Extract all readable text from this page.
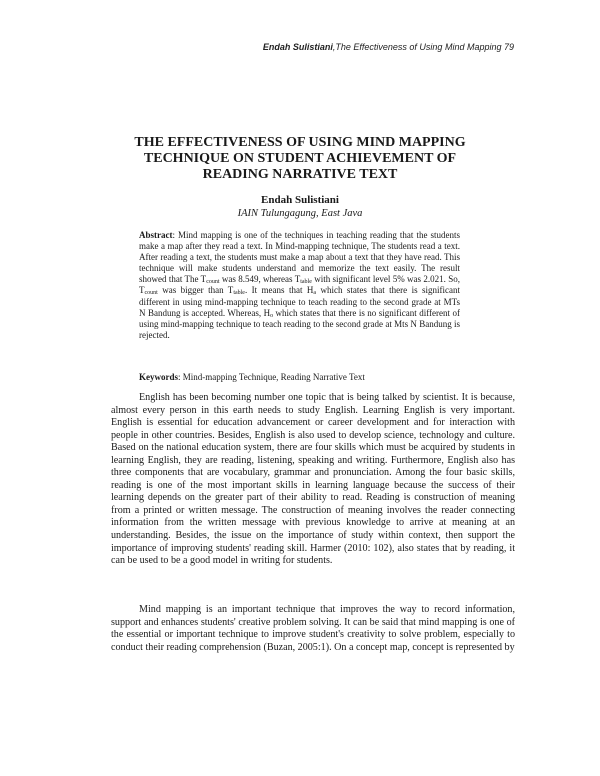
Endah Sulistiani,The Effectiveness of Using Mind Mapping 79
THE EFFECTIVENESS OF USING MIND MAPPING
TECHNIQUE ON STUDENT ACHIEVEMENT OF
READING NARRATIVE TEXT

Endah Sulistiani

IAIN Tulungagung, East Java

Abstract: Mind mapping is one of the techniques in teaching reading that the students make a map after they read a text. In Mind-mapping technique, The students read a text. After reading a text, the students must make a map about a text that they have read. This technique will make students understand and memorize the text easily. The result showed that The $T_{count}$ was 8.549, whereas $T_{table}$ with significant level 5% was 2.021. So, $T_{count}$ was bigger than $T_{table}$. It means that $H_a$ which states that there is significant different in using mind-mapping technique to teach reading to the second grade at MTs N Bandung is accepted. Whereas, $H_o$ which states that there is no significant different of using mind-mapping technique to teach reading to the second grade at Mts N Bandung is rejected.

Keywords: Mind-mapping Technique, Reading Narrative Text

English has been becoming number one topic that is being talked by scientist. It is because, almost every person in this earth needs to study English. Learning English is very important. English is essential for education advancement or career development and for interaction with people in other countries. Besides, English is also used to develop science, technology and culture. Based on the national education system, there are four skills which must be acquired by students in learning English, they are reading, listening, speaking and writing. Furthermore, English also has three components that are vocabulary, grammar and pronunciation. Among the four basic skills, reading is one of the most important skills in learning language because the success of their learning depends on the greater part of their ability to read. Reading is construction of meaning from a printed or written message. The construction of meaning involves the reader connecting information from the written message with previous knowledge to arrive at meaning at an understanding. Besides, the issue on the importance of study within context, then support the importance of improving students' reading skill. Harmer (2010: 102), also states that by reading, it can be used to be a good model in writing for students.

Mind mapping is an important technique that improves the way to record information, support and enhances students' creative problem solving. It can be said that mind mapping is one of the essential or important technique to improve student's creativity to solve problem, especially to conduct their reading comprehension (Buzan, 2005:1). On a concept map, concept is represented by
